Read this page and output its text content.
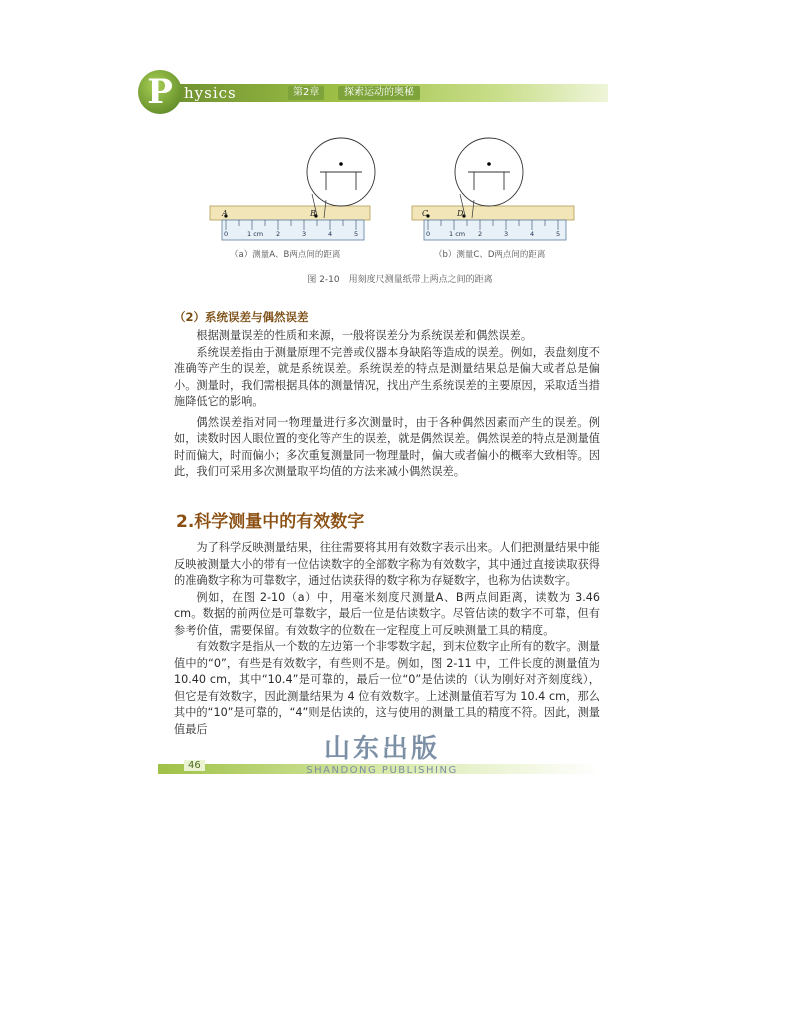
P hysics	第2章	探索运动的奥秘
A	B	C	D
0	1 cm 2	3	4	5	0	1 cm 2	3	4	5
（a）测量A、B两点间的距离	（b）测量C、D两点间的距离
图 2-10　用刻度尺测量纸带上两点之间的距离
（2）系统误差与偶然误差

根据测量误差的性质和来源，一般将误差分为系统误差和偶然误差。

系统误差指由于测量原理不完善或仪器本身缺陷等造成的误差。例如，表盘刻度不准确等产生的误差，就是系统误差。系统误差的特点是测量结果总是偏大或者总是偏小。测量时，我们需根据具体的测量情况，找出产生系统误差的主要原因，采取适当措施降低它的影响。

偶然误差指对同一物理量进行多次测量时，由于各种偶然因素而产生的误差。例如，读数时因人眼位置的变化等产生的误差，就是偶然误差。偶然误差的特点是测量值时而偏大，时而偏小；多次重复测量同一物理量时，偏大或者偏小的概率大致相等。因此，我们可采用多次测量取平均值的方法来减小偶然误差。

2.科学测量中的有效数字

为了科学反映测量结果，往往需要将其用有效数字表示出来。人们把测量结果中能反映被测量大小的带有一位估读数字的全部数字称为有效数字，其中通过直接读取获得的准确数字称为可靠数字，通过估读获得的数字称为存疑数字，也称为估读数字。

例如，在图 2-10（a）中，用毫米刻度尺测量A、B两点间距离，读数为 3.46 cm。数据的前两位是可靠数字，最后一位是估读数字。尽管估读的数字不可靠，但有参考价值，需要保留。有效数字的位数在一定程度上可反映测量工具的精度。

有效数字是指从一个数的左边第一个非零数字起，到末位数字止所有的数字。测量值中的“0”，有些是有效数字，有些则不是。例如，图 2-11 中，工件长度的测量值为10.40 cm，其中“10.4”是可靠的，最后一位“0”是估读的（认为刚好对齐刻度线），但它是有效数字，因此测量结果为 4 位有效数字。上述测量值若写为 10.4 cm，那么其中的“10”是可靠的，“4”则是估读的，这与使用的测量工具的精度不符。因此，测量值最后

46
山东出版
SHANDONG PUBLISHING
